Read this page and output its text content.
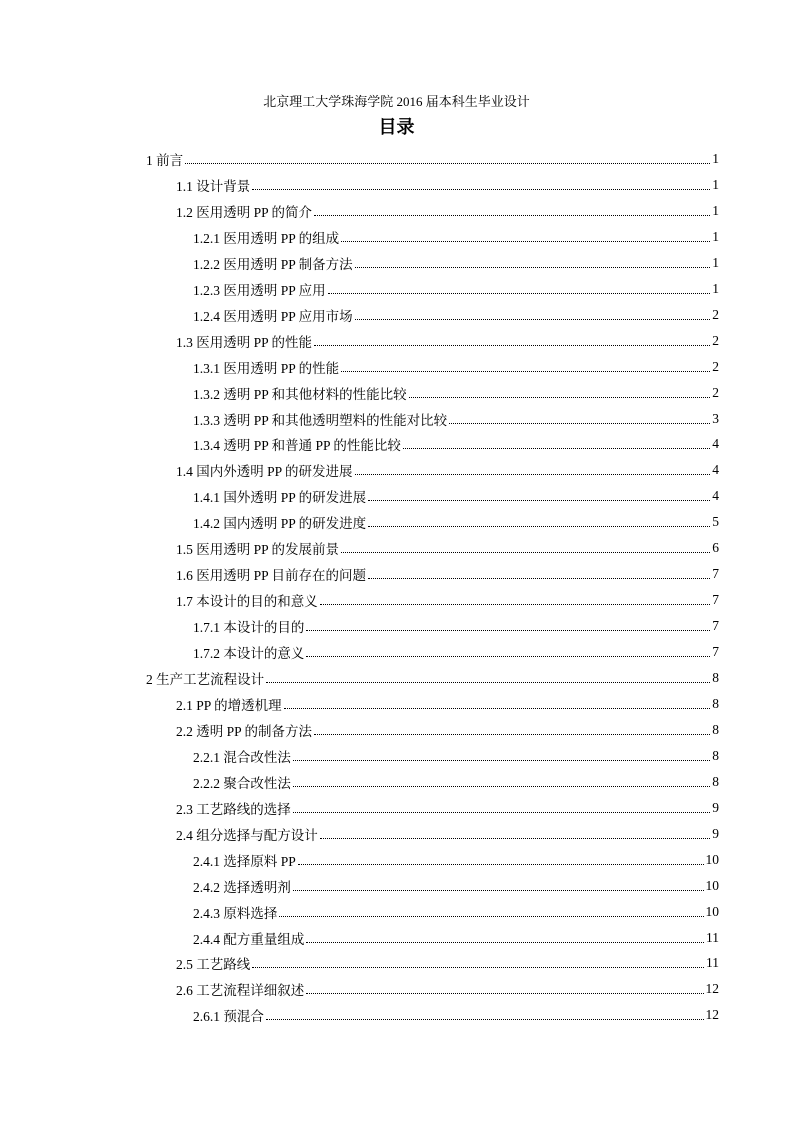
北京理工大学珠海学院 2016 届本科生毕业设计
目录
1 前言	1
1.1 设计背景	1
1.2 医用透明 PP 的简介	1
1.2.1 医用透明 PP 的组成	1
1.2.2 医用透明 PP 制备方法	1
1.2.3 医用透明 PP 应用	1
1.2.4 医用透明 PP 应用市场	2
1.3 医用透明 PP 的性能	2
1.3.1 医用透明 PP 的性能	2
1.3.2 透明 PP 和其他材料的性能比较	2
1.3.3 透明 PP 和其他透明塑料的性能对比较	3
1.3.4 透明 PP 和普通 PP 的性能比较	4
1.4 国内外透明 PP 的研发进展	4
1.4.1 国外透明 PP 的研发进展	4
1.4.2 国内透明 PP 的研发进度	5
1.5 医用透明 PP 的发展前景	6
1.6 医用透明 PP 目前存在的问题	7
1.7 本设计的目的和意义	7
1.7.1 本设计的目的	7
1.7.2 本设计的意义	7
2 生产工艺流程设计	8
2.1 PP 的增透机理	8
2.2 透明 PP 的制备方法	8
2.2.1 混合改性法	8
2.2.2 聚合改性法	8
2.3 工艺路线的选择	9
2.4 组分选择与配方设计	9
2.4.1 选择原料 PP	10
2.4.2 选择透明剂	10
2.4.3 原料选择	10
2.4.4 配方重量组成	11
2.5 工艺路线	11
2.6 工艺流程详细叙述	12
2.6.1 预混合	12
